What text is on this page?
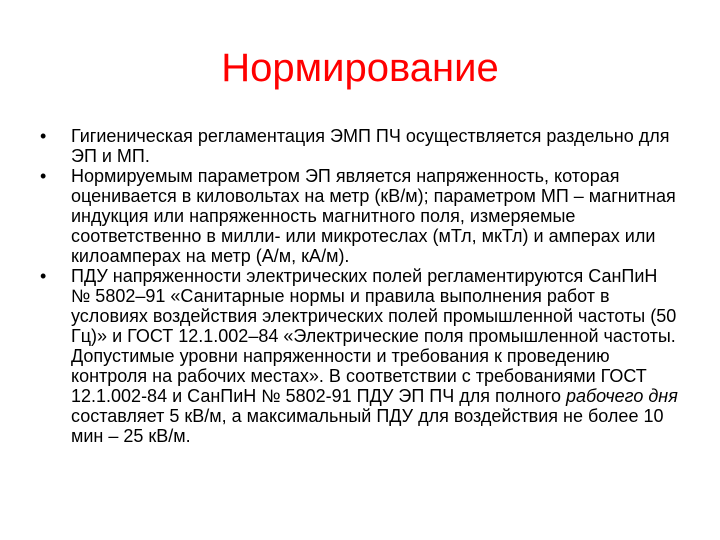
Нормирование
•	Гигиеническая регламентация ЭМП ПЧ осуществляется раздельно для ЭП и МП.
•	Нормируемым параметром ЭП является напряженность, которая оценивается в киловольтах на метр (кВ/м); параметром МП – магнитная индукция или напряженность магнитного поля, измеряемые соответственно в милли- или микротеслах (мТл, мкТл) и амперах или килоамперах на метр (А/м, кА/м).
•	ПДУ напряженности электрических полей регламентируются СанПиН № 5802–91 «Санитарные нормы и правила выполнения работ в условиях воздействия электрических полей промышленной частоты (50 Гц)» и ГОСТ 12.1.002–84 «Электрические поля промышленной частоты. Допустимые уровни напряженности и требования к проведению контроля на рабочих местах». В соответствии с требованиями ГОСТ 12.1.002-84 и СанПиН № 5802-91 ПДУ ЭП ПЧ для полного рабочего дня составляет 5 кВ/м, а максимальный ПДУ для воздействия не более 10 мин – 25 кВ/м.
